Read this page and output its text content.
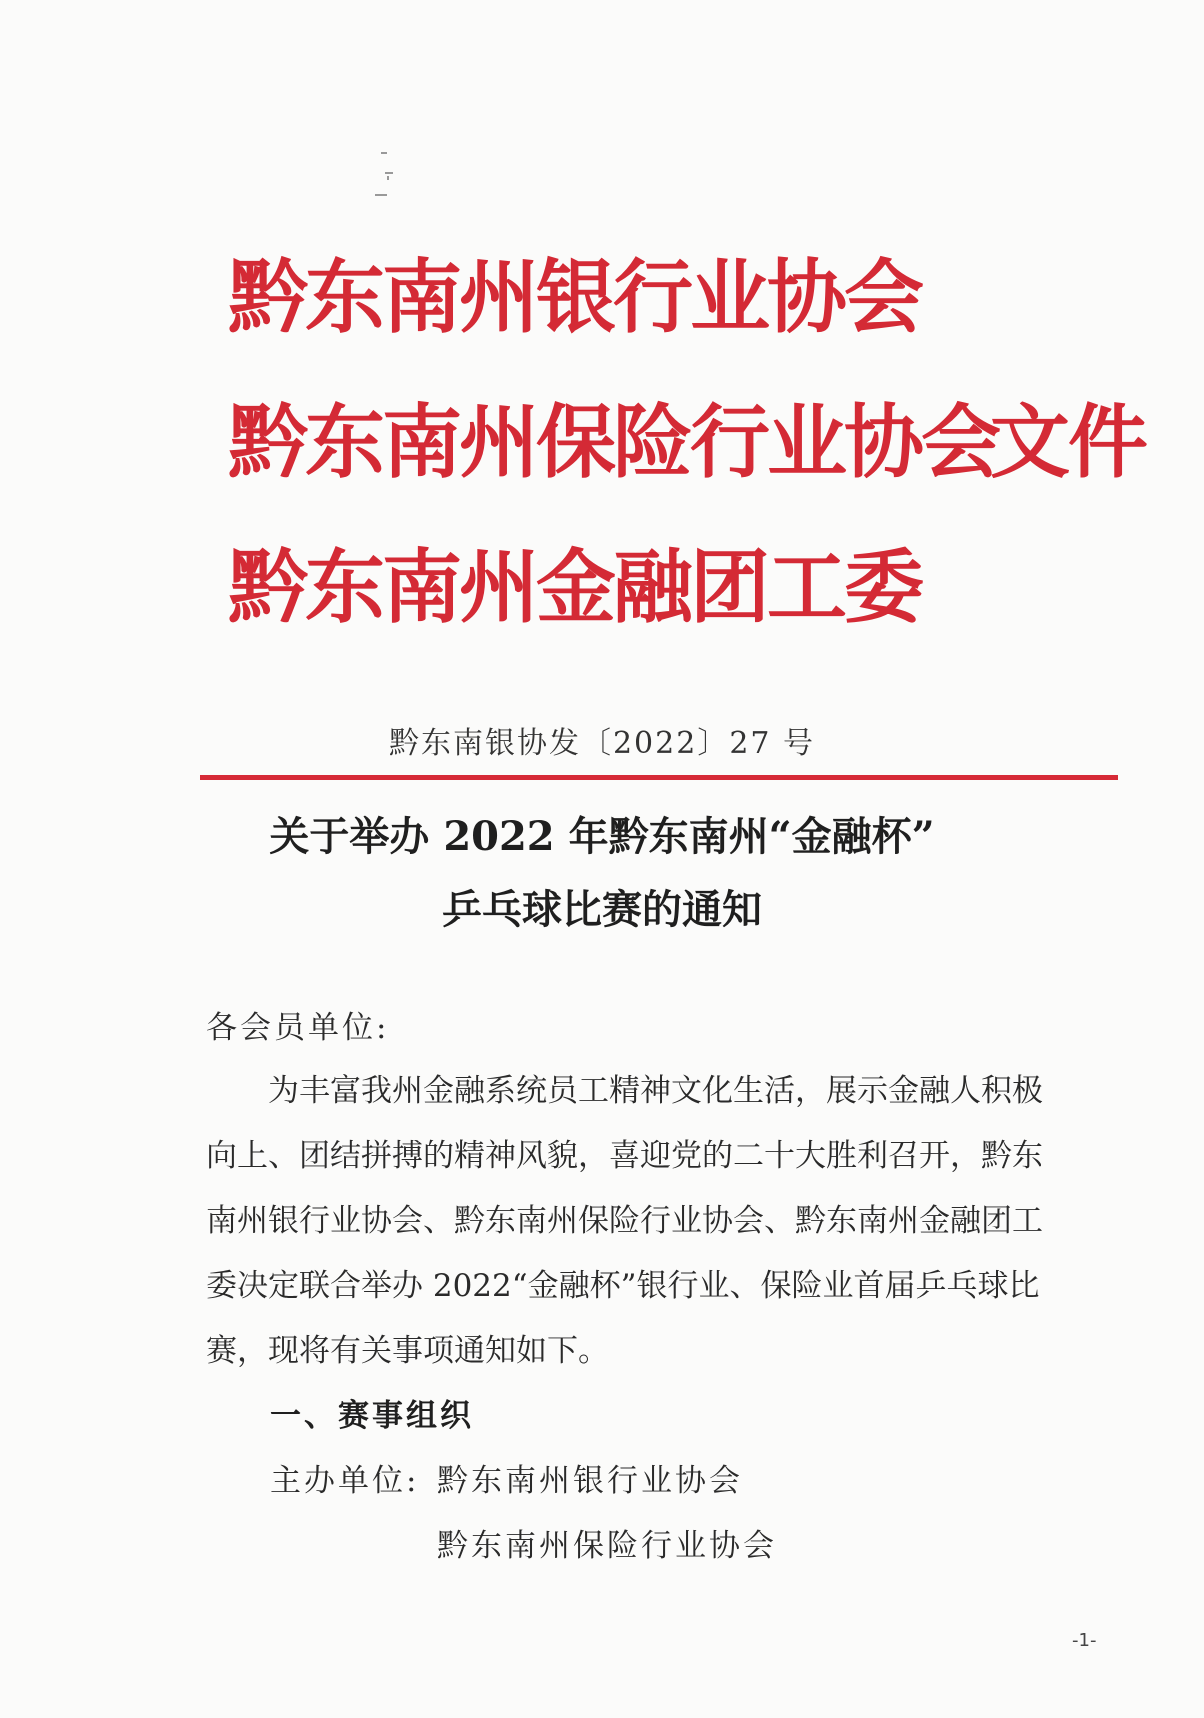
黔东南州银行业协会
黔东南州保险行业协会
黔东南州金融团工委
文件
黔东南银协发〔2022〕27 号
关于举办 2022 年黔东南州“金融杯”
乒乓球比赛的通知
各会员单位:
　　为丰富我州金融系统员工精神文化生活，展示金融人积极
向上、团结拼搏的精神风貌，喜迎党的二十大胜利召开，黔东
南州银行业协会、黔东南州保险行业协会、黔东南州金融团工
委决定联合举办 2022“金融杯”银行业、保险业首届乒乓球比
赛，现将有关事项通知如下。
一、赛事组织
主办单位: 黔东南州银行业协会
黔东南州保险行业协会
-1-
